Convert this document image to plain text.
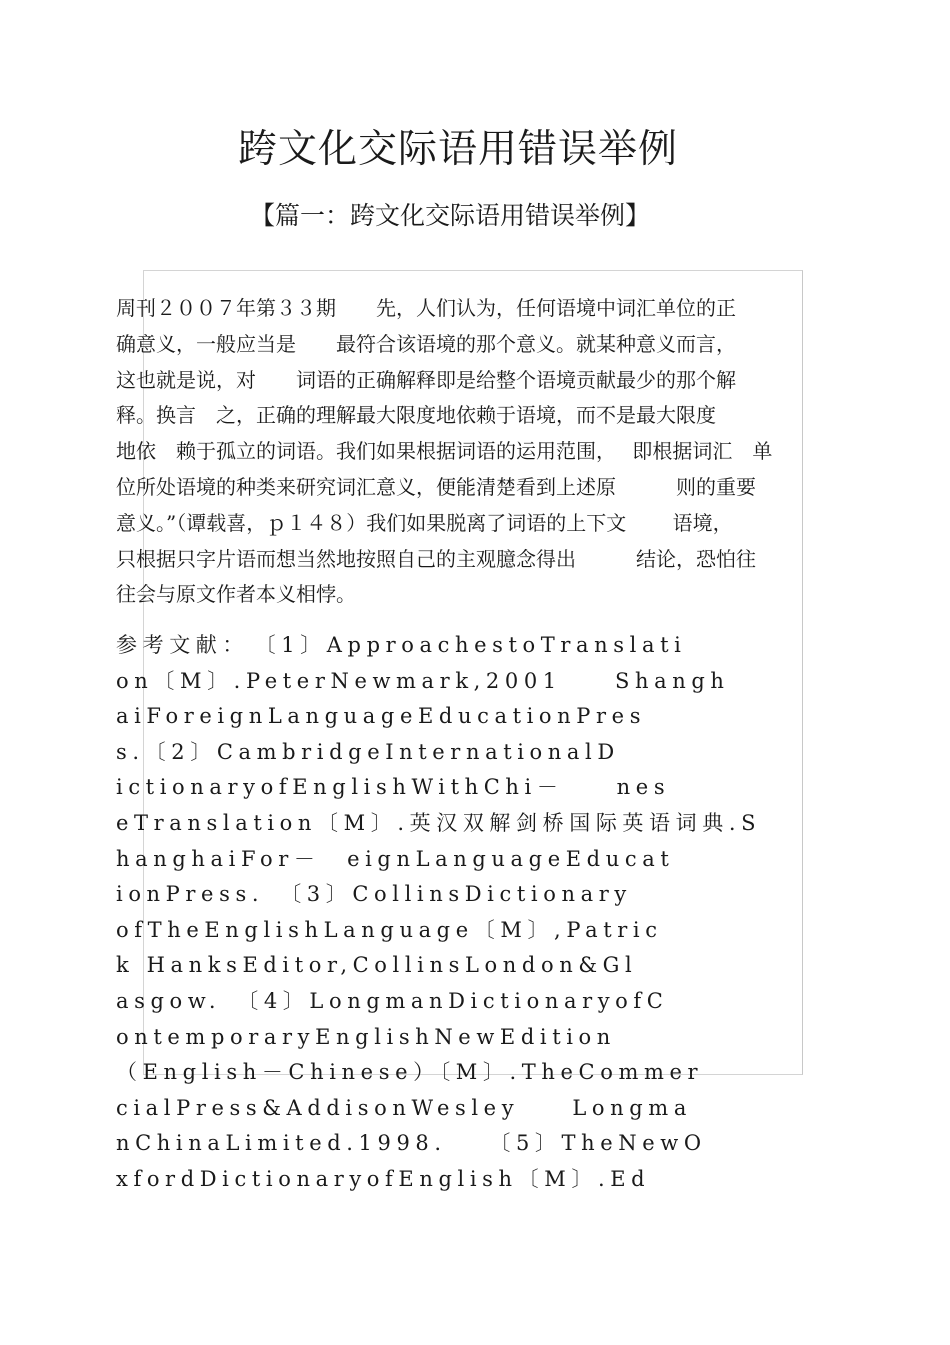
跨文化交际语用错误举例
【篇一：跨文化交际语用错误举例】
周刊２００７年第３３期　　先，人们认为，任何语境中词汇单位的正
确意义，一般应当是　　最符合该语境的那个意义。就某种意义而言，
这也就是说，对　　词语的正确解释即是给整个语境贡献最少的那个解
释。换言　之，正确的理解最大限度地依赖于语境，而不是最大限度
地依　赖于孤立的词语。我们如果根据词语的运用范围，　 即根据词汇　单
位所处语境的种类来研究词汇意义，便能清楚看到上述原　　　则的重要
意义。”（谭载喜，ｐ１４８）我们如果脱离了词语的上下文　　 语境，
只根据只字片语而想当然地按照自己的主观臆念得出　　　结论，恐怕往
往会与原文作者本义相悖。
参考文献：　〔1〕ApproachestoTranslati
on〔M〕.PeterNewmark,2001　　Shangh
aiForeignLanguageEducationPres
s.〔2〕CambridgeInternationalD
ictionaryofEnglishWithChi－　　nes
eTranslation〔M〕.英汉双解剑桥国际英语词典.S
hanghaiFor－　eignLanguageEducat
ionPress.　〔3〕CollinsDictionary
ofTheEnglishLanguage〔M〕,Patric
k HanksEditor,CollinsLondon&Gl
asgow.　〔4〕LongmanDictionaryofC
ontemporaryEnglishNewEdition
（English－Chinese）〔M〕.TheCommer
cialPress&AddisonWesley　　Longma
nChinaLimited.1998.　　〔5〕TheNewO
xfordDictionaryofEnglish〔M〕.Ed
